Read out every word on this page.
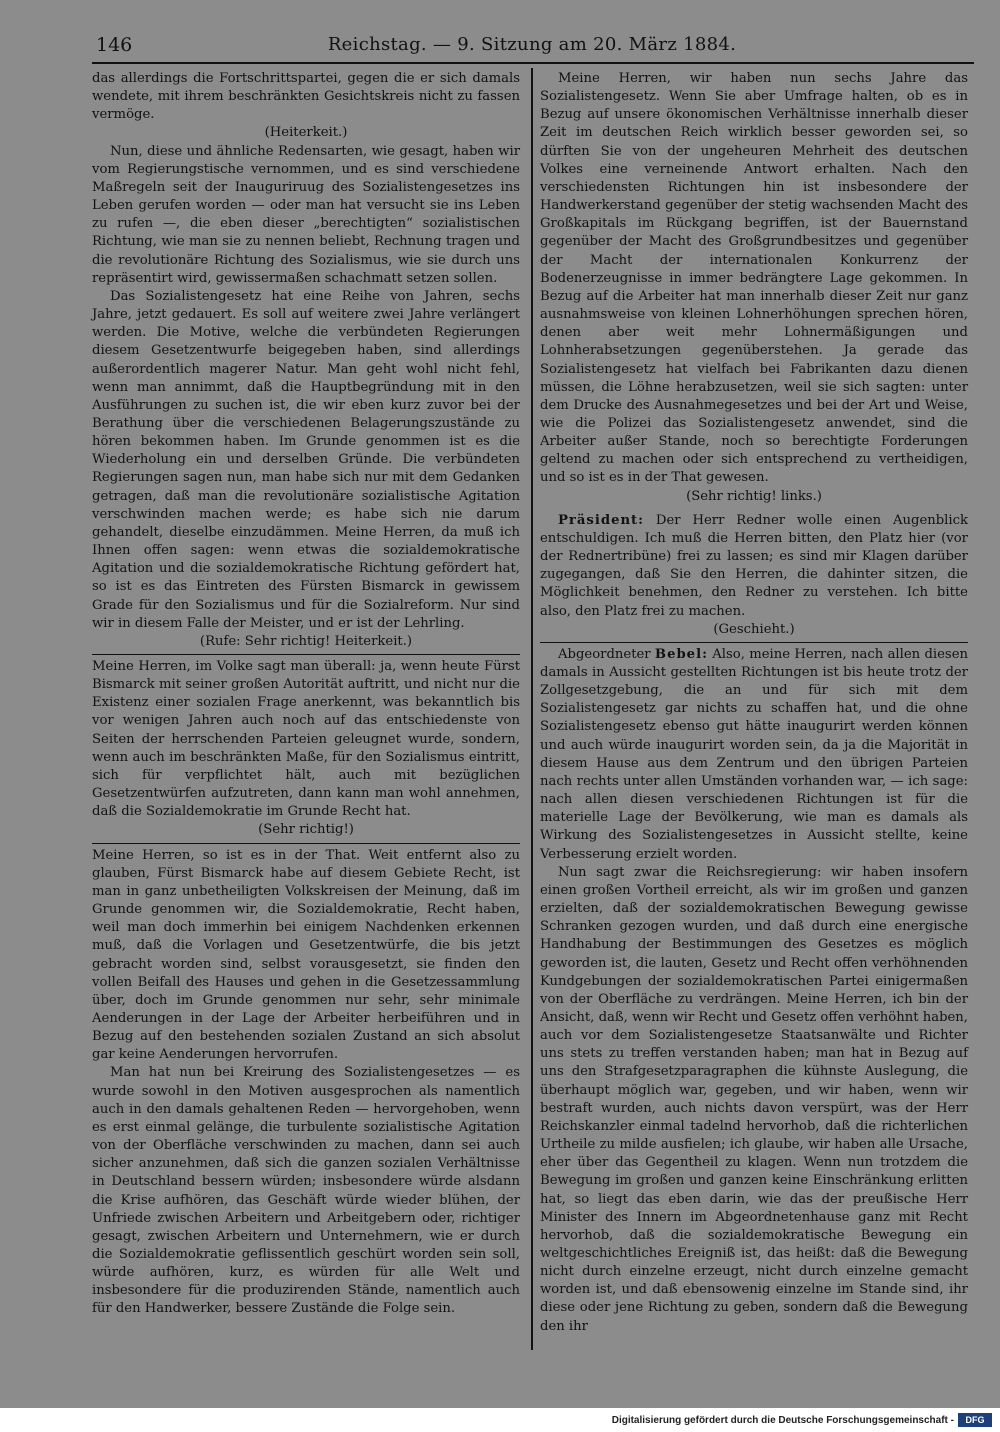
146	Reichstag. — 9. Sitzung am 20. März 1884.

das allerdings die Fortschrittspartei, gegen die er sich damals wendete, mit ihrem beschränkten Gesichtskreis nicht zu fassen vermöge.

(Heiterkeit.)

Nun, diese und ähnliche Redensarten, wie gesagt, haben wir vom Regierungstische vernommen, und es sind verschiedene Maßregeln seit der Inauguriruug des Sozialistengesetzes ins Leben gerufen worden — oder man hat versucht sie ins Leben zu rufen —, die eben dieser „berechtigten“ sozialistischen Richtung, wie man sie zu nennen beliebt, Rechnung tragen und die revolutionäre Richtung des Sozialismus, wie sie durch uns repräsentirt wird, gewissermaßen schachmatt setzen sollen.

Das Sozialistengesetz hat eine Reihe von Jahren, sechs Jahre, jetzt gedauert. Es soll auf weitere zwei Jahre verlängert werden. Die Motive, welche die verbündeten Regierungen diesem Gesetzentwurfe beigegeben haben, sind allerdings außerordentlich magerer Natur. Man geht wohl nicht fehl, wenn man annimmt, daß die Hauptbegründung mit in den Ausführungen zu suchen ist, die wir eben kurz zuvor bei der Berathung über die verschiedenen Belagerungszustände zu hören bekommen haben. Im Grunde genommen ist es die Wiederholung ein und derselben Gründe. Die verbündeten Regierungen sagen nun, man habe sich nur mit dem Gedanken getragen, daß man die revolutionäre sozialistische Agitation verschwinden machen werde; es habe sich nie darum gehandelt, dieselbe einzudämmen. Meine Herren, da muß ich Ihnen offen sagen: wenn etwas die sozialdemokratische Agitation und die sozialdemokratische Richtung gefördert hat, so ist es das Eintreten des Fürsten Bismarck in gewissem Grade für den Sozialismus und für die Sozialreform. Nur sind wir in diesem Falle der Meister, und er ist der Lehrling.

(Rufe: Sehr richtig! Heiterkeit.)

Meine Herren, im Volke sagt man überall: ja, wenn heute Fürst Bismarck mit seiner großen Autorität auftritt, und nicht nur die Existenz einer sozialen Frage anerkennt, was bekanntlich bis vor wenigen Jahren auch noch auf das entschiedenste von Seiten der herrschenden Parteien geleugnet wurde, sondern, wenn auch im beschränkten Maße, für den Sozialismus eintritt, sich für verpflichtet hält, auch mit bezüglichen Gesetzentwürfen aufzutreten, dann kann man wohl annehmen, daß die Sozialdemokratie im Grunde Recht hat.

(Sehr richtig!)

Meine Herren, so ist es in der That. Weit entfernt also zu glauben, Fürst Bismarck habe auf diesem Gebiete Recht, ist man in ganz unbetheiligten Volkskreisen der Meinung, daß im Grunde genommen wir, die Sozialdemokratie, Recht haben, weil man doch immerhin bei einigem Nachdenken erkennen muß, daß die Vorlagen und Gesetzentwürfe, die bis jetzt gebracht worden sind, selbst vorausgesetzt, sie finden den vollen Beifall des Hauses und gehen in die Gesetzessammlung über, doch im Grunde genommen nur sehr, sehr minimale Aenderungen in der Lage der Arbeiter herbeiführen und in Bezug auf den bestehenden sozialen Zustand an sich absolut gar keine Aenderungen hervorrufen.

Man hat nun bei Kreirung des Sozialistengesetzes — es wurde sowohl in den Motiven ausgesprochen als namentlich auch in den damals gehaltenen Reden — hervorgehoben, wenn es erst einmal gelänge, die turbulente sozialistische Agitation von der Oberfläche verschwinden zu machen, dann sei auch sicher anzunehmen, daß sich die ganzen sozialen Verhältnisse in Deutschland bessern würden; insbesondere würde alsdann die Krise aufhören, das Geschäft würde wieder blühen, der Unfriede zwischen Arbeitern und Arbeitgebern oder, richtiger gesagt, zwischen Arbeitern und Unternehmern, wie er durch die Sozialdemokratie geflissentlich geschürt worden sein soll, würde aufhören, kurz, es würden für alle Welt und insbesondere für die produzirenden Stände, namentlich auch für den Handwerker, bessere Zustände die Folge sein.

Meine Herren, wir haben nun sechs Jahre das Sozialistengesetz. Wenn Sie aber Umfrage halten, ob es in Bezug auf unsere ökonomischen Verhältnisse innerhalb dieser Zeit im deutschen Reich wirklich besser geworden sei, so dürften Sie von der ungeheuren Mehrheit des deutschen Volkes eine verneinende Antwort erhalten. Nach den verschiedensten Richtungen hin ist insbesondere der Handwerkerstand gegenüber der stetig wachsenden Macht des Großkapitals im Rückgang begriffen, ist der Bauernstand gegenüber der Macht des Großgrundbesitzes und gegenüber der Macht der internationalen Konkurrenz der Bodenerzeugnisse in immer bedrängtere Lage gekommen. In Bezug auf die Arbeiter hat man innerhalb dieser Zeit nur ganz ausnahmsweise von kleinen Lohnerhöhungen sprechen hören, denen aber weit mehr Lohnermäßigungen und Lohnherabsetzungen gegenüberstehen. Ja gerade das Sozialistengesetz hat vielfach bei Fabrikanten dazu dienen müssen, die Löhne herabzusetzen, weil sie sich sagten: unter dem Drucke des Ausnahmegesetzes und bei der Art und Weise, wie die Polizei das Sozialistengesetz anwendet, sind die Arbeiter außer Stande, noch so berechtigte Forderungen geltend zu machen oder sich entsprechend zu vertheidigen, und so ist es in der That gewesen.

(Sehr richtig! links.)

Präsident: Der Herr Redner wolle einen Augenblick entschuldigen. Ich muß die Herren bitten, den Platz hier (vor der Rednertribüne) frei zu lassen; es sind mir Klagen darüber zugegangen, daß Sie den Herren, die dahinter sitzen, die Möglichkeit benehmen, den Redner zu verstehen. Ich bitte also, den Platz frei zu machen.

(Geschieht.)

Abgeordneter Bebel: Also, meine Herren, nach allen diesen damals in Aussicht gestellten Richtungen ist bis heute trotz der Zollgesetzgebung, die an und für sich mit dem Sozialistengesetz gar nichts zu schaffen hat, und die ohne Sozialistengesetz ebenso gut hätte inaugurirt werden können und auch würde inaugurirt worden sein, da ja die Majorität in diesem Hause aus dem Zentrum und den übrigen Parteien nach rechts unter allen Umständen vorhanden war, — ich sage: nach allen diesen verschiedenen Richtungen ist für die materielle Lage der Bevölkerung, wie man es damals als Wirkung des Sozialistengesetzes in Aussicht stellte, keine Verbesserung erzielt worden.

Nun sagt zwar die Reichsregierung: wir haben insofern einen großen Vortheil erreicht, als wir im großen und ganzen erzielten, daß der sozialdemokratischen Bewegung gewisse Schranken gezogen wurden, und daß durch eine energische Handhabung der Bestimmungen des Gesetzes es möglich geworden ist, die lauten, Gesetz und Recht offen verhöhnenden Kundgebungen der sozialdemokratischen Partei einigermaßen von der Oberfläche zu verdrängen. Meine Herren, ich bin der Ansicht, daß, wenn wir Recht und Gesetz offen verhöhnt haben, auch vor dem Sozialistengesetze Staatsanwälte und Richter uns stets zu treffen verstanden haben; man hat in Bezug auf uns den Strafgesetzparagraphen die kühnste Auslegung, die überhaupt möglich war, gegeben, und wir haben, wenn wir bestraft wurden, auch nichts davon verspürt, was der Herr Reichskanzler einmal tadelnd hervorhob, daß die richterlichen Urtheile zu milde ausfielen; ich glaube, wir haben alle Ursache, eher über das Gegentheil zu klagen. Wenn nun trotzdem die Bewegung im großen und ganzen keine Einschränkung erlitten hat, so liegt das eben darin, wie das der preußische Herr Minister des Innern im Abgeordnetenhause ganz mit Recht hervorhob, daß die sozialdemokratische Bewegung ein weltgeschichtliches Ereigniß ist, das heißt: daß die Bewegung nicht durch einzelne erzeugt, nicht durch einzelne gemacht worden ist, und daß ebensowenig einzelne im Stande sind, ihr diese oder jene Richtung zu geben, sondern daß die Bewegung den ihr

Digitalisierung gefördert durch die Deutsche Forschungsgemeinschaft -	DFG
